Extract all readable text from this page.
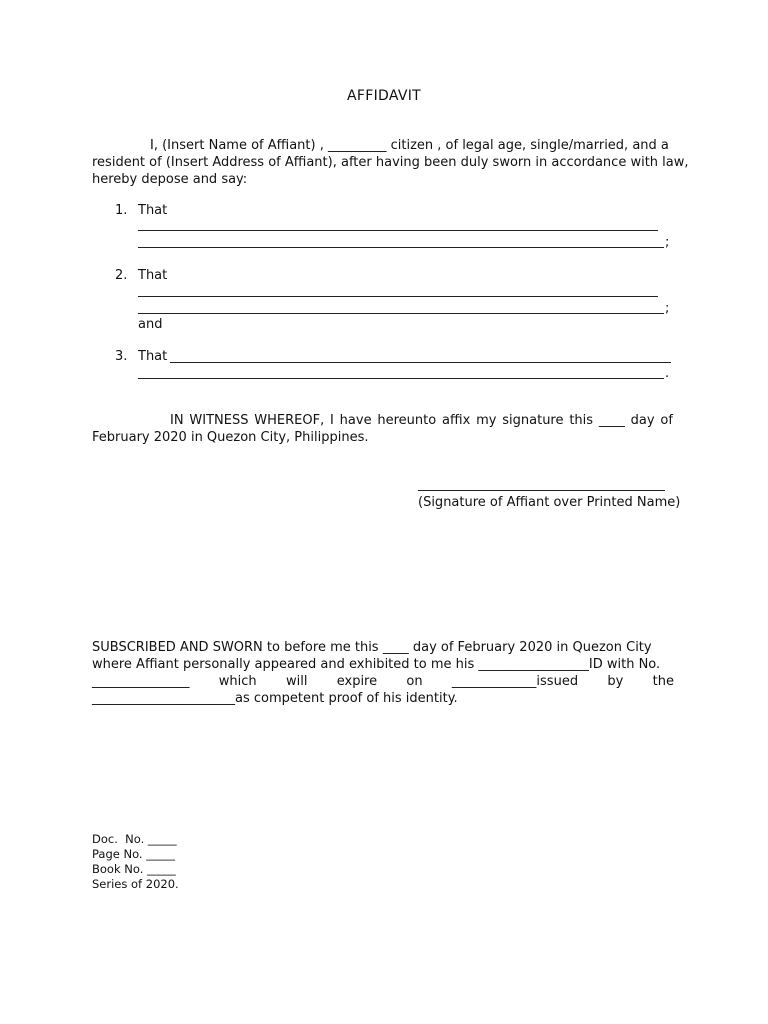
AFFIDAVIT
I, (Insert Name of Affiant) , _________ citizen , of legal age, single/married, and a
resident of (Insert Address of Affiant), after having been duly sworn in accordance with law,
hereby depose and say:
1. That
;
2. That
;
and
3. That
.
IN WITNESS WHEREOF, I have hereunto affix my signature this ____ day of
February 2020 in Quezon City, Philippines.
(Signature of Affiant over Printed Name)
SUBSCRIBED AND SWORN to before me this ____ day of February 2020 in Quezon City
where Affiant personally appeared and exhibited to me his _________________ID with No.
_______________ which will expire on _____________issued by the
______________________as competent proof of his identity.
Doc.  No. _____
Page No. _____
Book No. _____
Series of 2020.
